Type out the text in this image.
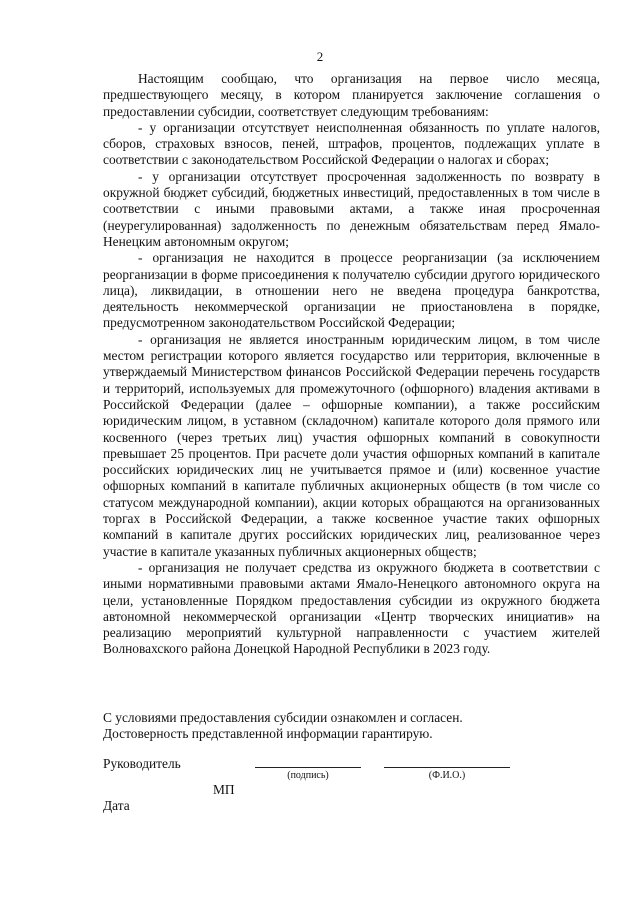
2

Настоящим сообщаю, что организация на первое число месяца, предшествующего месяцу, в котором планируется заключение соглашения о предоставлении субсидии, соответствует следующим требованиям:

- у организации отсутствует неисполненная обязанность по уплате налогов, сборов, страховых взносов, пеней, штрафов, процентов, подлежащих уплате в соответствии с законодательством Российской Федерации о налогах и сборах;

- у организации отсутствует просроченная задолженность по возврату в окружной бюджет субсидий, бюджетных инвестиций, предоставленных в том числе в соответствии с иными правовыми актами, а также иная просроченная (неурегулированная) задолженность по денежным обязательствам перед Ямало-Ненецким автономным округом;

- организация не находится в процессе реорганизации (за исключением реорганизации в форме присоединения к получателю субсидии другого юридического лица), ликвидации, в отношении него не введена процедура банкротства, деятельность некоммерческой организации не приостановлена в порядке, предусмотренном законодательством Российской Федерации;

- организация не является иностранным юридическим лицом, в том числе местом регистрации которого является государство или территория, включенные в утверждаемый Министерством финансов Российской Федерации перечень государств и территорий, используемых для промежуточного (офшорного) владения активами в Российской Федерации (далее – офшорные компании), а также российским юридическим лицом, в уставном (складочном) капитале которого доля прямого или косвенного (через третьих лиц) участия офшорных компаний в совокупности превышает 25 процентов. При расчете доли участия офшорных компаний в капитале российских юридических лиц не учитывается прямое и (или) косвенное участие офшорных компаний в капитале публичных акционерных обществ (в том числе со статусом международной компании), акции которых обращаются на организованных торгах в Российской Федерации, а также косвенное участие таких офшорных компаний в капитале других российских юридических лиц, реализованное через участие в капитале указанных публичных акционерных обществ;

- организация не получает средства из окружного бюджета в соответствии с иными нормативными правовыми актами Ямало-Ненецкого автономного округа на цели, установленные Порядком предоставления субсидии из окружного бюджета автономной некоммерческой организации «Центр творческих инициатив» на реализацию мероприятий культурной направленности с участием жителей Волновахского района Донецкой Народной Республики в 2023 году.

С условиями предоставления субсидии ознакомлен и согласен.

Достоверность представленной информации гарантирую.

Руководитель
(подпись)	(Ф.И.О.)
МП
Дата
